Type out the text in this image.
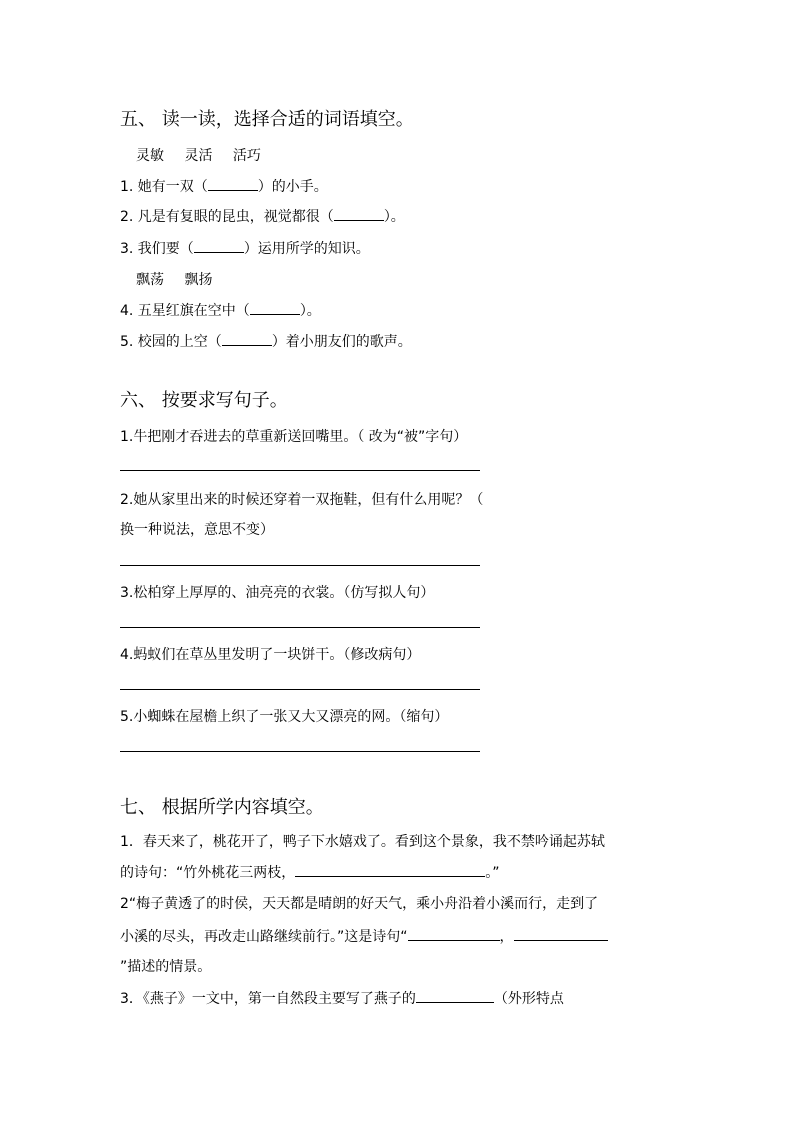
五、 读一读，选择合适的词语填空。
灵敏 灵活 活巧
1. 她有一双（	）的小手。
2. 凡是有复眼的昆虫，视觉都很（	）。
3. 我们要（	）运用所学的知识。
飘荡 飘扬
4. 五星红旗在空中（	）。
5. 校园的上空（	）着小朋友们的歌声。
六、 按要求写句子。
1.牛把刚才吞进去的草重新送回嘴里。（ 改为“被”字句）
2.她从家里出来的时候还穿着一双拖鞋，但有什么用呢？（
换一种说法，意思不变）
3.松柏穿上厚厚的、油亮亮的衣裳。（仿写拟人句）
4.蚂蚁们在草丛里发明了一块饼干。（修改病句）
5.小蜘蛛在屋檐上织了一张又大又漂亮的网。（缩句）
七、 根据所学内容填空。
1．春天来了，桃花开了，鸭子下水嬉戏了。看到这个景象，我不禁吟诵起苏轼
的诗句：“竹外桃花三两枝，	。”
2“梅子黄透了的时侯，天天都是晴朗的好天气，乘小舟沿着小溪而行，走到了
小溪的尽头，再改走山路继续前行。”这是诗句“	，
”描述的情景。
3．《燕子》一文中，第一自然段主要写了燕子的	（外形特点
